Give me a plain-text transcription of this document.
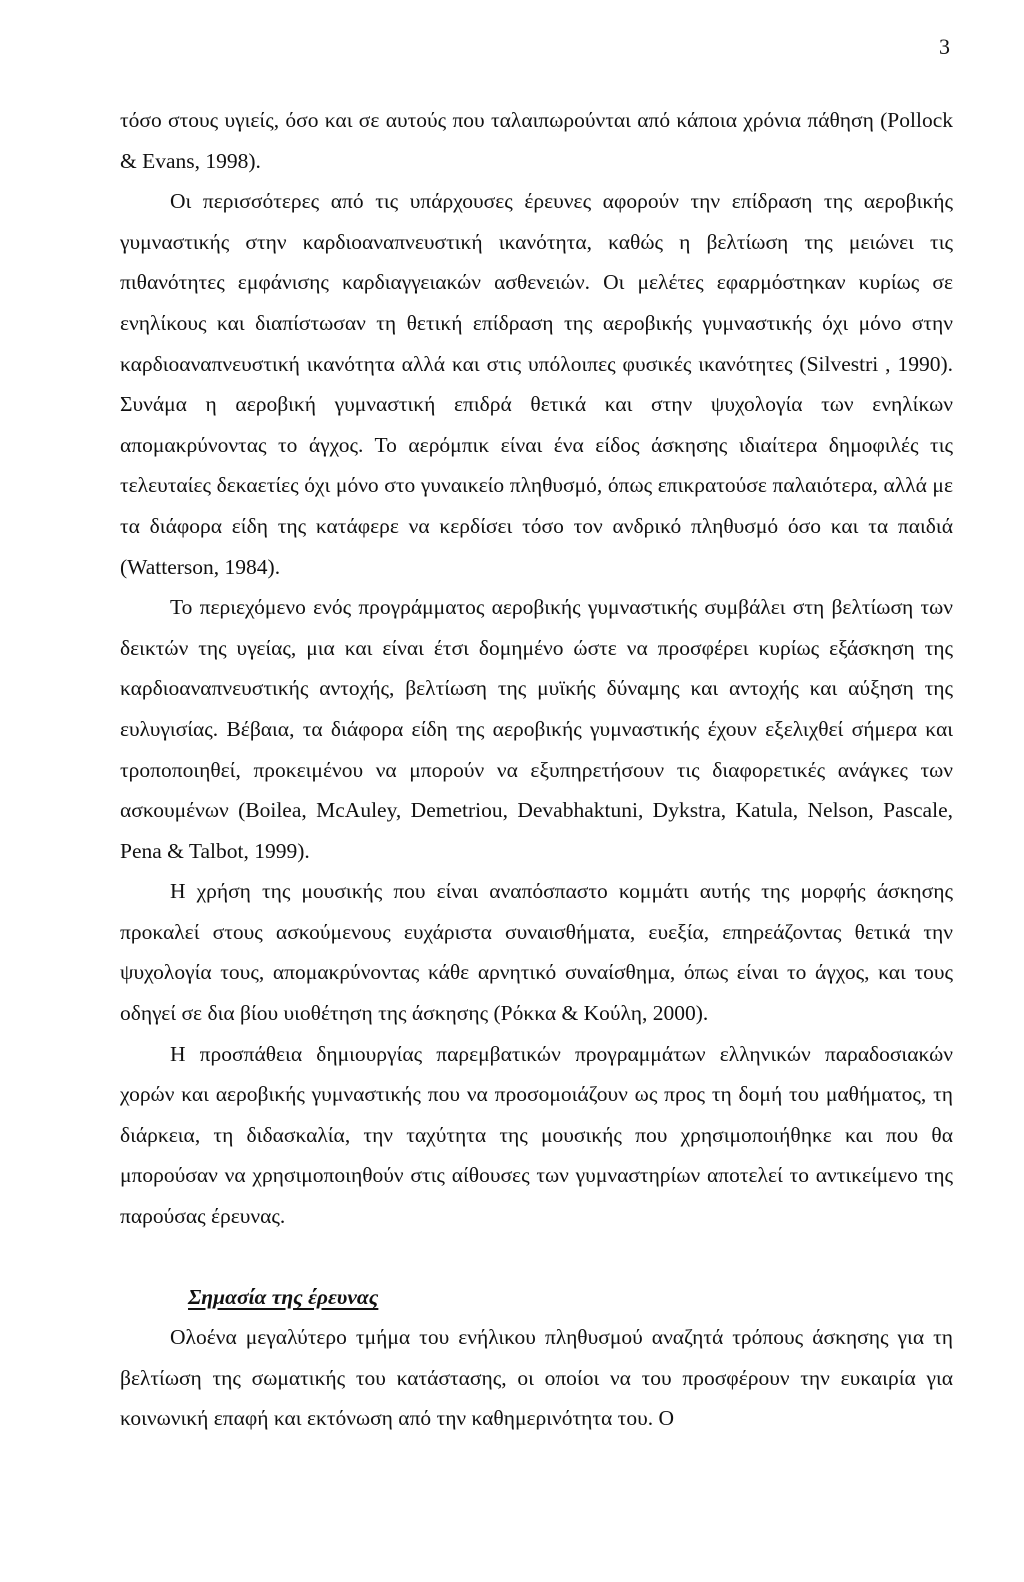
3

τόσο στους υγιείς, όσο και σε αυτούς που ταλαιπωρούνται από κάποια χρόνια πάθηση (Pollock & Evans, 1998).

Οι περισσότερες από τις υπάρχουσες έρευνες αφορούν την επίδραση της αεροβικής γυμναστικής στην καρδιοαναπνευστική ικανότητα, καθώς η βελτίωση της μειώνει τις πιθανότητες εμφάνισης καρδιαγγειακών ασθενειών. Οι μελέτες εφαρμόστηκαν κυρίως σε ενηλίκους και διαπίστωσαν τη θετική επίδραση της αεροβικής γυμναστικής όχι μόνο στην καρδιοαναπνευστική ικανότητα αλλά και στις υπόλοιπες φυσικές ικανότητες (Silvestri , 1990). Συνάμα η αεροβική γυμναστική επιδρά θετικά και στην ψυχολογία των ενηλίκων απομακρύνοντας το άγχος. Το αερόμπικ είναι ένα είδος άσκησης ιδιαίτερα δημοφιλές τις τελευταίες δεκαετίες όχι μόνο στο γυναικείο πληθυσμό, όπως επικρατούσε παλαιότερα, αλλά με τα διάφορα είδη της κατάφερε να κερδίσει τόσο τον ανδρικό πληθυσμό όσο και τα παιδιά (Watterson, 1984).

Το περιεχόμενο ενός προγράμματος αεροβικής γυμναστικής συμβάλει στη βελτίωση των δεικτών της υγείας, μια και είναι έτσι δομημένο ώστε να προσφέρει κυρίως εξάσκηση της καρδιοαναπνευστικής αντοχής, βελτίωση της μυϊκής δύναμης και αντοχής και αύξηση της ευλυγισίας. Βέβαια, τα διάφορα είδη της αεροβικής γυμναστικής έχουν εξελιχθεί σήμερα και τροποποιηθεί, προκειμένου να μπορούν να εξυπηρετήσουν τις διαφορετικές ανάγκες των ασκουμένων (Boilea, McAuley, Demetriou, Devabhaktuni, Dykstra, Katula, Nelson, Pascale, Pena & Talbot, 1999).

Η χρήση της μουσικής που είναι αναπόσπαστο κομμάτι αυτής της μορφής άσκησης προκαλεί στους ασκούμενους ευχάριστα συναισθήματα, ευεξία, επηρεάζοντας θετικά την ψυχολογία τους, απομακρύνοντας κάθε αρνητικό συναίσθημα, όπως είναι το άγχος, και τους οδηγεί σε δια βίου υιοθέτηση της άσκησης (Ρόκκα & Κούλη, 2000).

Η προσπάθεια δημιουργίας παρεμβατικών προγραμμάτων ελληνικών παραδοσιακών χορών και αεροβικής γυμναστικής που να προσομοιάζουν ως προς τη δομή του μαθήματος, τη διάρκεια, τη διδασκαλία, την ταχύτητα της μουσικής που χρησιμοποιήθηκε και που θα μπορούσαν να χρησιμοποιηθούν στις αίθουσες των γυμναστηρίων αποτελεί το αντικείμενο της παρούσας έρευνας.

Σημασία της έρευνας

Ολοένα μεγαλύτερο τμήμα του ενήλικου πληθυσμού αναζητά τρόπους άσκησης για τη βελτίωση της σωματικής του κατάστασης, οι οποίοι να του προσφέρουν την ευκαιρία για κοινωνική επαφή και εκτόνωση από την καθημερινότητα του. Ο
